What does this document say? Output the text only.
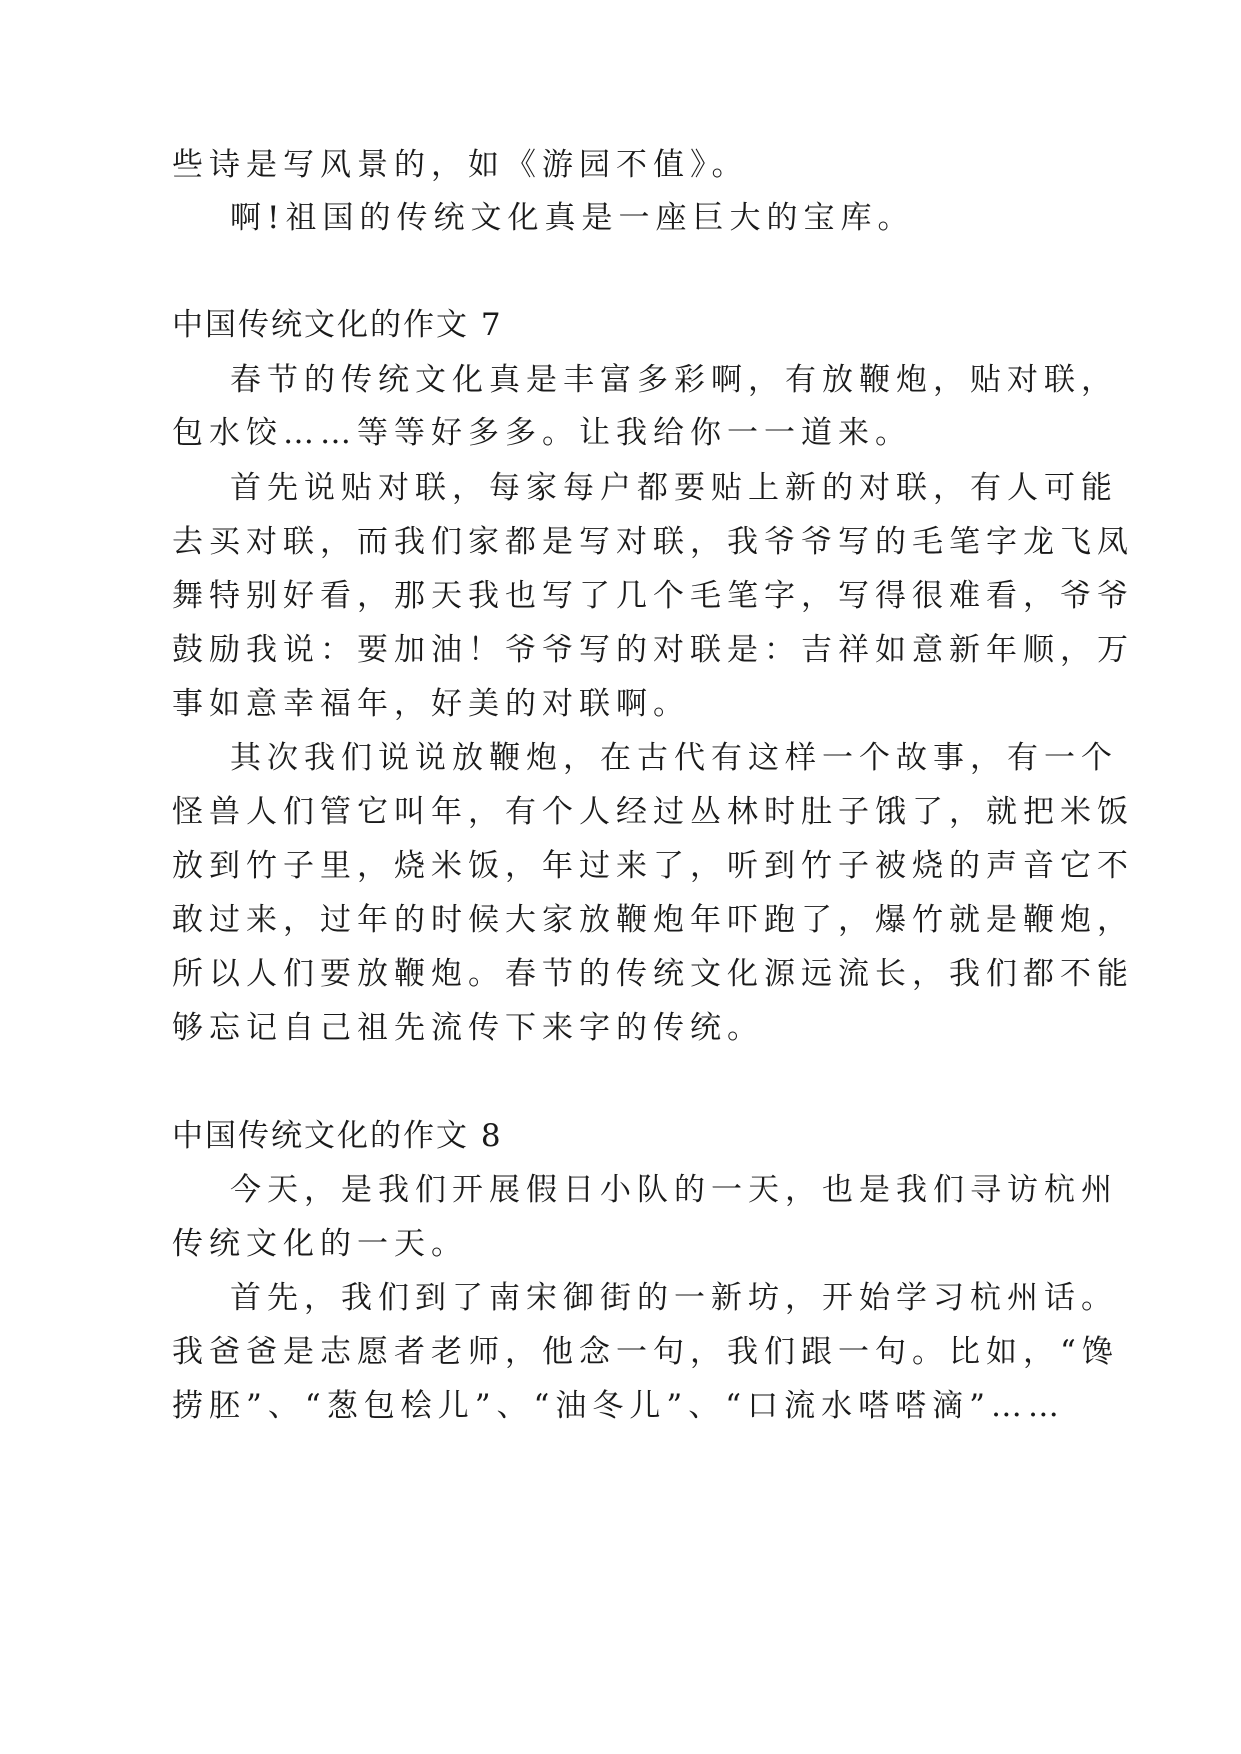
些诗是写风景的，如《游园不值》。
啊!祖国的传统文化真是一座巨大的宝库。
中国传统文化的作文 7
春节的传统文化真是丰富多彩啊，有放鞭炮，贴对联，
包水饺……等等好多多。让我给你一一道来。
首先说贴对联，每家每户都要贴上新的对联，有人可能
去买对联，而我们家都是写对联，我爷爷写的毛笔字龙飞凤
舞特别好看，那天我也写了几个毛笔字，写得很难看，爷爷
鼓励我说：要加油！爷爷写的对联是：吉祥如意新年顺，万
事如意幸福年，好美的对联啊。
其次我们说说放鞭炮，在古代有这样一个故事，有一个
怪兽人们管它叫年，有个人经过丛林时肚子饿了，就把米饭
放到竹子里，烧米饭，年过来了，听到竹子被烧的声音它不
敢过来，过年的时候大家放鞭炮年吓跑了，爆竹就是鞭炮，
所以人们要放鞭炮。春节的传统文化源远流长，我们都不能
够忘记自己祖先流传下来字的传统。
中国传统文化的作文 8
今天，是我们开展假日小队的一天，也是我们寻访杭州
传统文化的一天。
首先，我们到了南宋御街的一新坊，开始学习杭州话。
我爸爸是志愿者老师，他念一句，我们跟一句。比如，“馋
捞胚”、“葱包桧儿”、“油冬儿”、“口流水嗒嗒滴”……
